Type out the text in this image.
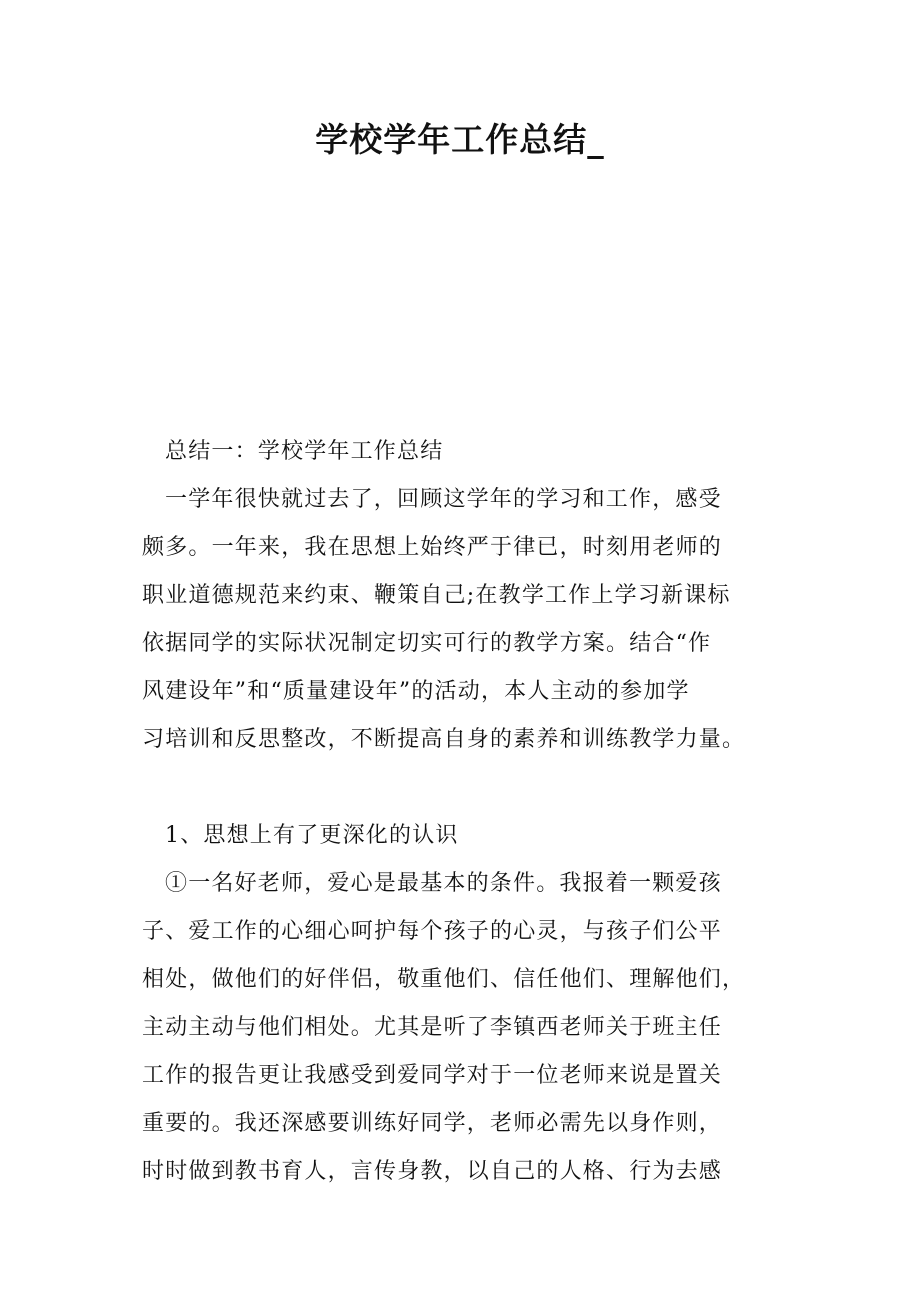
学校学年工作总结_

总结一：学校学年工作总结

一学年很快就过去了，回顾这学年的学习和工作，感受

颇多。一年来，我在思想上始终严于律已，时刻用老师的

职业道德规范来约束、鞭策自己;在教学工作上学习新课标

依据同学的实际状况制定切实可行的教学方案。结合“作

风建设年”和“质量建设年”的活动，本人主动的参加学

习培训和反思整改，不断提高自身的素养和训练教学力量。

1、思想上有了更深化的认识

①一名好老师，爱心是最基本的条件。我报着一颗爱孩

子、爱工作的心细心呵护每个孩子的心灵，与孩子们公平

相处，做他们的好伴侣，敬重他们、信任他们、理解他们，

主动主动与他们相处。尤其是听了李镇西老师关于班主任

工作的报告更让我感受到爱同学对于一位老师来说是置关

重要的。我还深感要训练好同学，老师必需先以身作则，

时时做到教书育人，言传身教，以自己的人格、行为去感
